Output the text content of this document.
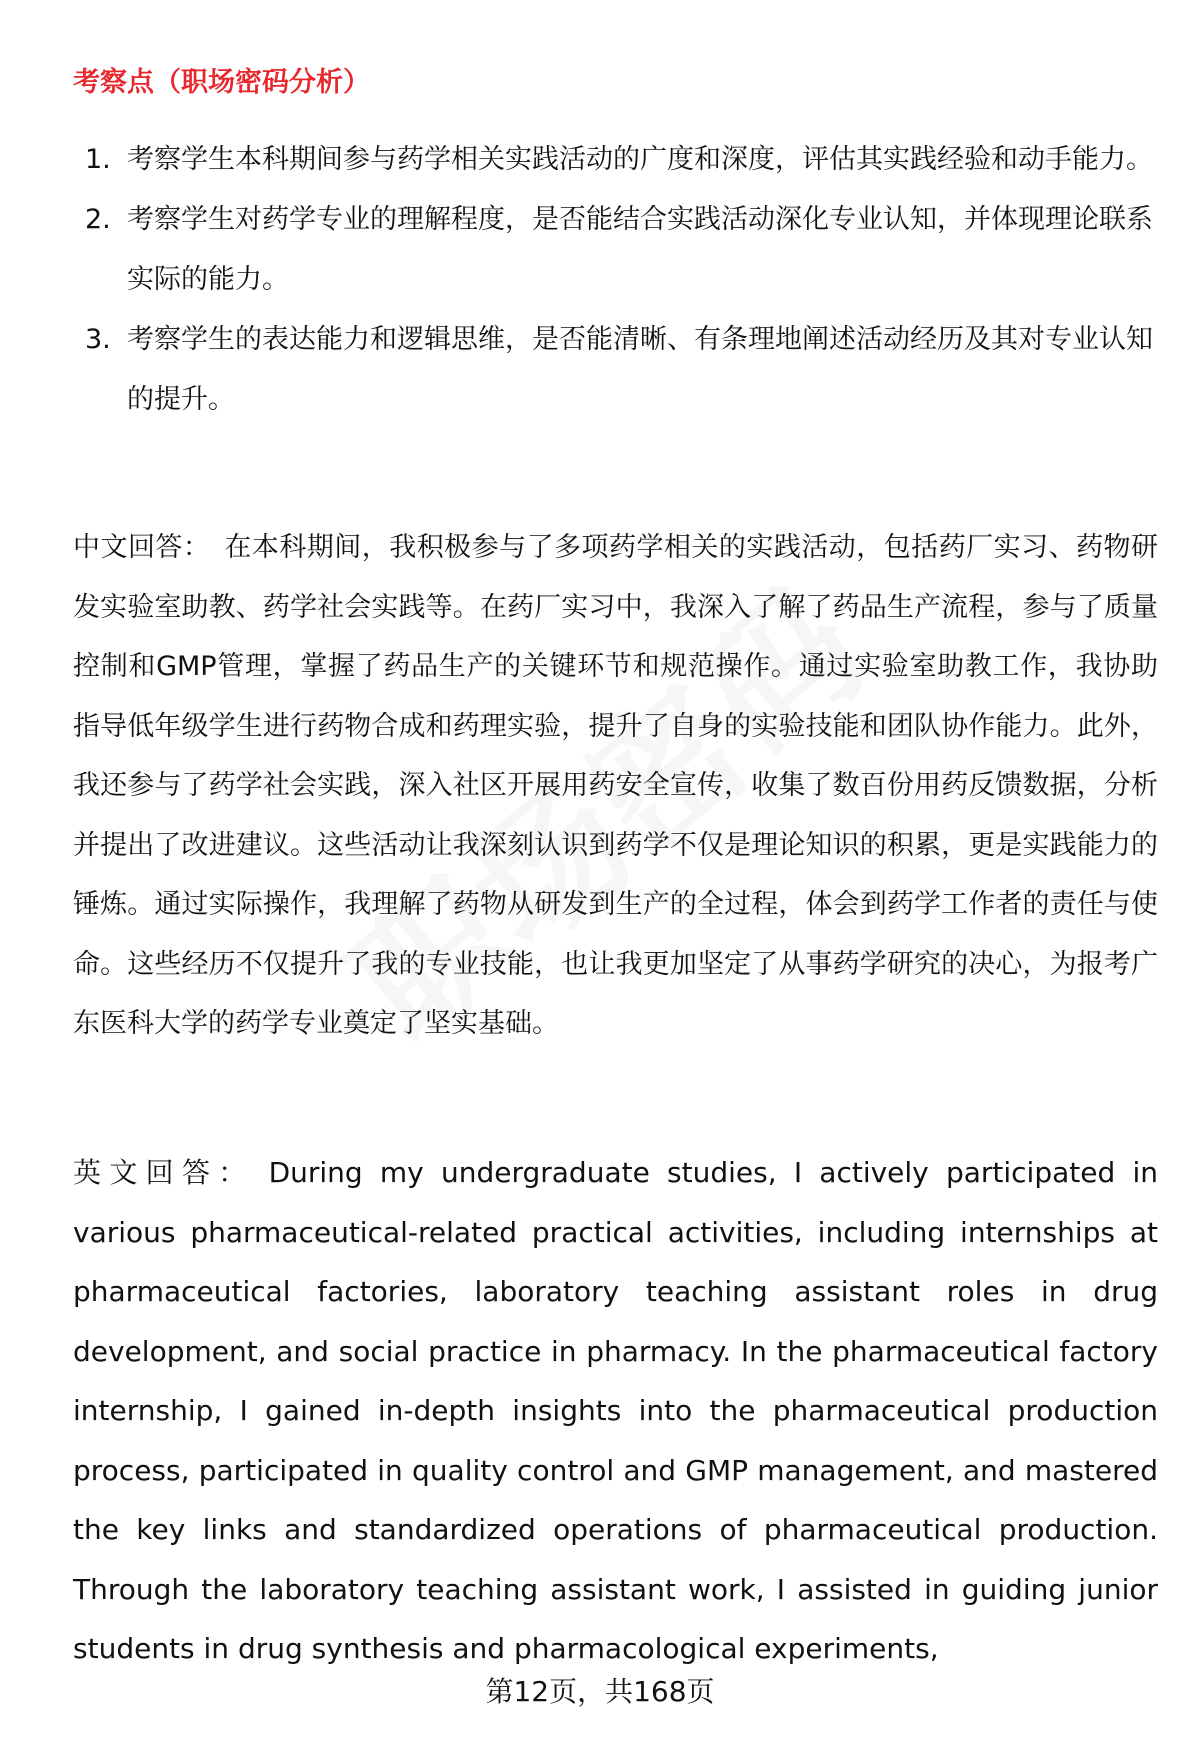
考察点（职场密码分析）
1. 考察学生本科期间参与药学相关实践活动的广度和深度，评估其实践经验和动手能力。
2. 考察学生对药学专业的理解程度，是否能结合实践活动深化专业认知，并体现理论联系实际的能力。
3. 考察学生的表达能力和逻辑思维，是否能清晰、有条理地阐述活动经历及其对专业认知的提升。
中文回答： 在本科期间，我积极参与了多项药学相关的实践活动，包括药厂实习、药物研发实验室助教、药学社会实践等。在药厂实习中，我深入了解了药品生产流程，参与了质量控制和GMP管理，掌握了药品生产的关键环节和规范操作。通过实验室助教工作，我协助指导低年级学生进行药物合成和药理实验，提升了自身的实验技能和团队协作能力。此外，我还参与了药学社会实践，深入社区开展用药安全宣传，收集了数百份用药反馈数据，分析并提出了改进建议。这些活动让我深刻认识到药学不仅是理论知识的积累，更是实践能力的锤炼。通过实际操作，我理解了药物从研发到生产的全过程，体会到药学工作者的责任与使命。这些经历不仅提升了我的专业技能，也让我更加坚定了从事药学研究的决心，为报考广东医科大学的药学专业奠定了坚实基础。
英文回答： During my undergraduate studies, I actively participated in various pharmaceutical-related practical activities, including internships at pharmaceutical factories, laboratory teaching assistant roles in drug development, and social practice in pharmacy. In the pharmaceutical factory internship, I gained in-depth insights into the pharmaceutical production process, participated in quality control and GMP management, and mastered the key links and standardized operations of pharmaceutical production. Through the laboratory teaching assistant work, I assisted in guiding junior students in drug synthesis and pharmacological experiments,
第12页，共168页
